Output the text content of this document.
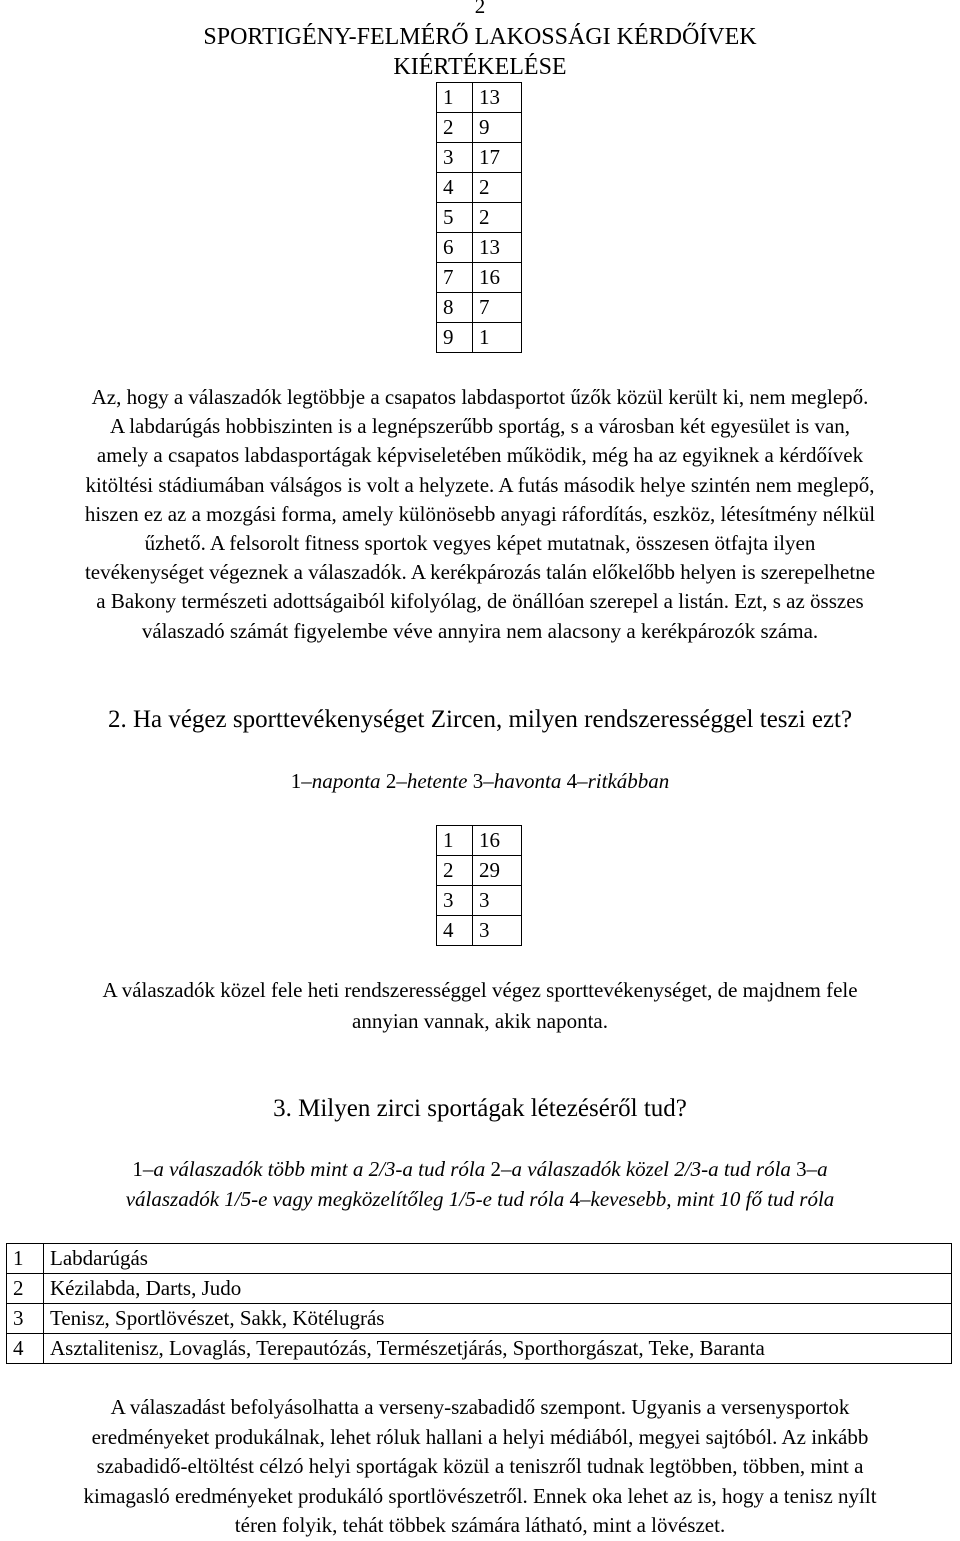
2
SPORTIGÉNY-FELMÉRŐ LAKOSSÁGI KÉRDŐÍVEK
KIÉRTÉKELÉSE
1	13
2	9
3	17
4	2
5	2
6	13
7	16
8	7
9	1
Az, hogy a válaszadók legtöbbje a csapatos labdasportot űzők közül került ki, nem meglepő.
A labdarúgás hobbiszinten is a legnépszerűbb sportág, s a városban két egyesület is van,
amely a csapatos labdasportágak képviseletében működik, még ha az egyiknek a kérdőívek
kitöltési stádiumában válságos is volt a helyzete. A futás második helye szintén nem meglepő,
hiszen ez az a mozgási forma, amely különösebb anyagi ráfordítás, eszköz, létesítmény nélkül
űzhető. A felsorolt fitness sportok vegyes képet mutatnak, összesen ötfajta ilyen
tevékenységet végeznek a válaszadók. A kerékpározás talán előkelőbb helyen is szerepelhetne
a Bakony természeti adottságaiból kifolyólag, de önállóan szerepel a listán. Ezt, s az összes
válaszadó számát figyelembe véve annyira nem alacsony a kerékpározók száma.
2. Ha végez sporttevékenységet Zircen, milyen rendszerességgel teszi ezt?
1–naponta 2–hetente 3–havonta 4–ritkábban
1	16
2	29
3	3
4	3
A válaszadók közel fele heti rendszerességgel végez sporttevékenységet, de majdnem fele
annyian vannak, akik naponta.
3. Milyen zirci sportágak létezéséről tud?
1–a válaszadók több mint a 2/3-a tud róla 2–a válaszadók közel 2/3-a tud róla 3–a
válaszadók 1/5-e vagy megközelítőleg 1/5-e tud róla 4–kevesebb, mint 10 fő tud róla
1	Labdarúgás
2	Kézilabda, Darts, Judo
3	Tenisz, Sportlövészet, Sakk, Kötélugrás
4	Asztalitenisz, Lovaglás, Terepautózás, Természetjárás, Sporthorgászat, Teke, Baranta
A válaszadást befolyásolhatta a verseny-szabadidő szempont. Ugyanis a versenysportok
eredményeket produkálnak, lehet róluk hallani a helyi médiából, megyei sajtóból. Az inkább
szabadidő-eltöltést célzó helyi sportágak közül a teniszről tudnak legtöbben, többen, mint a
kimagasló eredményeket produkáló sportlövészetről. Ennek oka lehet az is, hogy a tenisz nyílt
téren folyik, tehát többek számára látható, mint a lövészet.
